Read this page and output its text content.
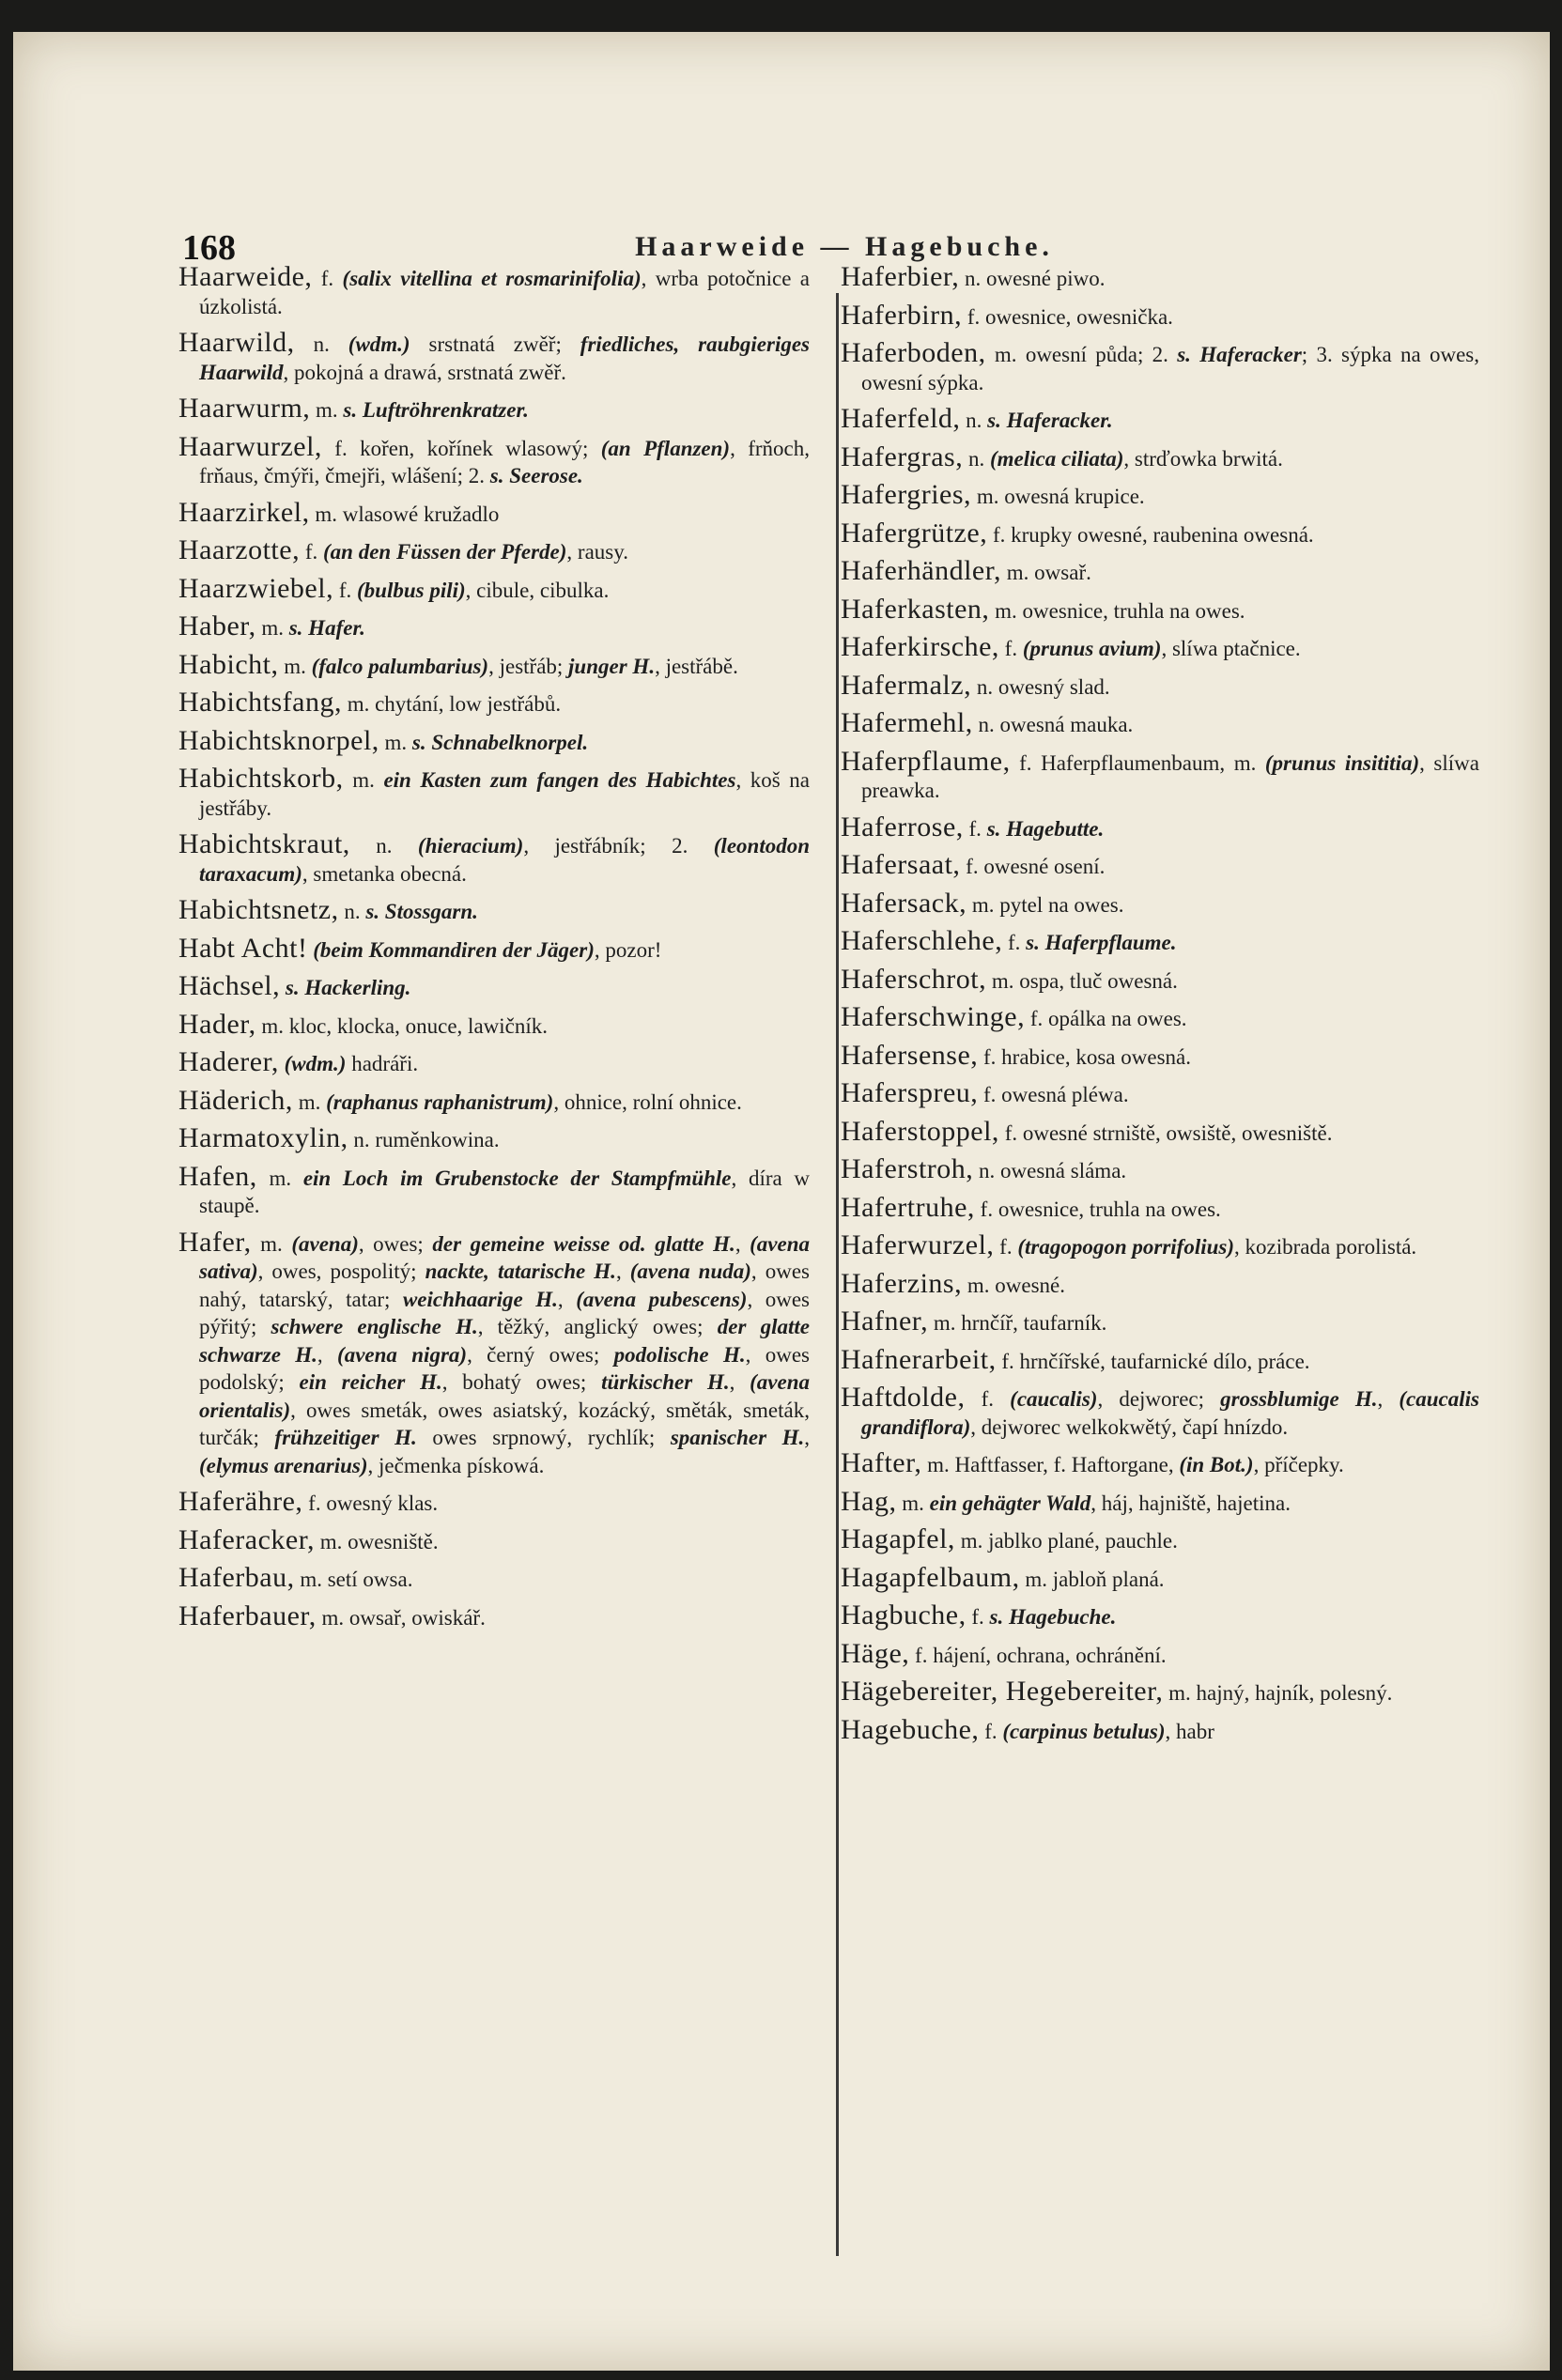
168	Haarweide — Hagebuche.
Haarweide, f. (salix vitellina et rosmarinifolia), wrba potočnice a úzkolistá.
Haarwild, n. (wdm.) srstnatá zwěř; friedliches, raubgieriges Haarwild, pokojná a drawá, srstnatá zwěř.
Haarwurm, m. s. Luftröhrenkratzer.
Haarwurzel, f. kořen, kořínek wlasowý; (an Pflanzen), frňoch, frňaus, čmýři, čmejři, wlášení; 2. s. Seerose.
Haarzirkel, m. wlasowé kružadlo
Haarzotte, f. (an den Füssen der Pferde), rausy.
Haarzwiebel, f. (bulbus pili), cibule, cibulka.
Haber, m. s. Hafer.
Habicht, m. (falco palumbarius), jestřáb; junger H., jestřábě.
Habichtsfang, m. chytání, low jestřábů.
Habichtsknorpel, m. s. Schnabelknorpel.
Habichtskorb, m. ein Kasten zum fangen des Habichtes, koš na jestřáby.
Habichtskraut, n. (hieracium), jestřábník; 2. (leontodon taraxacum), smetanka obecná.
Habichtsnetz, n. s. Stossgarn.
Habt Acht! (beim Kommandiren der Jäger), pozor!
Hächsel, s. Hackerling.
Hader, m. kloc, klocka, onuce, lawičník.
Haderer, (wdm.) hadráři.
Häderich, m. (raphanus raphanistrum), ohnice, rolní ohnice.
Harmatoxylin, n. ruměnkowina.
Hafen, m. ein Loch im Grubenstocke der Stampfmühle, díra w staupě.
Hafer, m. (avena), owes; der gemeine weisse od. glatte H., (avena sativa), owes, pospolitý; nackte, tatarische H., (avena nuda), owes nahý, tatarský, tatar; weichhaarige H., (avena pubescens), owes pýřitý; schwere englische H., těžký, anglický owes; der glatte schwarze H., (avena nigra), černý owes; podolische H., owes podolský; ein reicher H., bohatý owes; türkischer H., (avena orientalis), owes smeták, owes asiatský, kozácký, směták, smeták, turčák; frühzeitiger H. owes srpnowý, rychlík; spanischer H., (elymus arenarius), ječmenka pískowá.
Haferähre, f. owesný klas.
Haferacker, m. owesniště.
Haferbau, m. setí owsa.
Haferbauer, m. owsař, owiskář.
Haferbier, n. owesné piwo.
Haferbirn, f. owesnice, owesnička.
Haferboden, m. owesní půda; 2. s. Haferacker; 3. sýpka na owes, owesní sýpka.
Haferfeld, n. s. Haferacker.
Hafergras, n. (melica ciliata), strďowka brwitá.
Hafergries, m. owesná krupice.
Hafergrütze, f. krupky owesné, raubenina owesná.
Haferhändler, m. owsař.
Haferkasten, m. owesnice, truhla na owes.
Haferkirsche, f. (prunus avium), slíwa ptačnice.
Hafermalz, n. owesný slad.
Hafermehl, n. owesná mauka.
Haferpflaume, f. Haferpflaumenbaum, m. (prunus insititia), slíwa preawka.
Haferrose, f. s. Hagebutte.
Hafersaat, f. owesné osení.
Hafersack, m. pytel na owes.
Haferschlehe, f. s. Haferpflaume.
Haferschrot, m. ospa, tluč owesná.
Haferschwinge, f. opálka na owes.
Hafersense, f. hrabice, kosa owesná.
Haferspreu, f. owesná pléwa.
Haferstoppel, f. owesné strniště, owsiště, owesniště.
Haferstroh, n. owesná sláma.
Hafertruhe, f. owesnice, truhla na owes.
Haferwurzel, f. (tragopogon porrifolius), kozibrada porolistá.
Haferzins, m. owesné.
Hafner, m. hrnčíř, taufarník.
Hafnerarbeit, f. hrnčířské, taufarnické dílo, práce.
Haftdolde, f. (caucalis), dejworec; grossblumige H., (caucalis grandiflora), dejworec welkokwětý, čapí hnízdo.
Hafter, m. Haftfasser, f. Haftorgane, (in Bot.), příčepky.
Hag, m. ein gehägter Wald, háj, hajniště, hajetina.
Hagapfel, m. jablko plané, pauchle.
Hagapfelbaum, m. jabloň planá.
Hagbuche, f. s. Hagebuche.
Häge, f. hájení, ochrana, ochránění.
Hägebereiter, Hegebereiter, m. hajný, hajník, polesný.
Hagebuche, f. (carpinus betulus), habr
